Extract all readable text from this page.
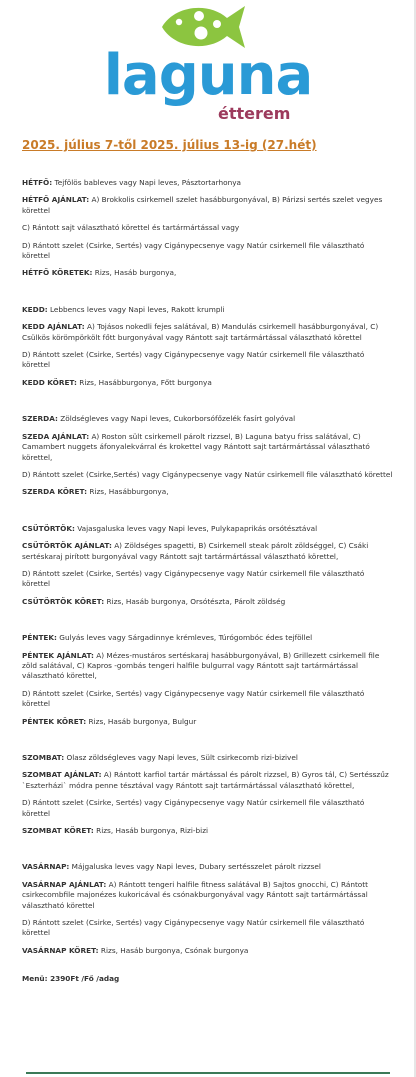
laguna
étterem
2025. július 7-től 2025. július 13-ig (27.hét)

HÉTFŐ: Tejfölös bableves vagy Napi leves, Pásztortarhonya

HÉTFŐ AJÁNLAT: A) Brokkolis csirkemell szelet hasábburgonyával, B) Párizsi sertés szelet vegyes körettel

C) Rántott sajt választható körettel és tartármártással vagy

D) Rántott szelet (Csirke, Sertés) vagy Cigánypecsenye vagy Natúr csirkemell file választható körettel

HÉTFŐ KÖRETEK: Rizs, Hasáb burgonya,

KEDD: Lebbencs leves vagy Napi leves, Rakott krumpli

KEDD AJÁNLAT: A) Tojásos nokedli fejes salátával, B) Mandulás csirkemell hasábburgonyával, C) Csülkös körömpörkölt főtt burgonyával vagy Rántott sajt tartármártással választható körettel

D) Rántott szelet (Csirke, Sertés) vagy Cigánypecsenye vagy Natúr csirkemell file választható körettel

KEDD KÖRET: Rizs, Hasábburgonya, Főtt burgonya

SZERDA: Zöldségleves vagy Napi leves, Cukorborsófőzelék fasírt golyóval

SZEDA AJÁNLAT: A) Roston sült csirkemell párolt rizzsel, B) Laguna batyu friss salátával, C) Camambert nuggets áfonyalekvárral és krokettel vagy Rántott sajt tartármártással választható körettel,

D) Rántott szelet (Csirke,Sertés) vagy Cigánypecsenye vagy Natúr csirkemell file választható körettel

SZERDA KÖRET: Rizs, Hasábburgonya,

CSÜTÖRTÖK: Vajasgaluska leves vagy Napi leves, Pulykapaprikás orsótésztával

CSÜTÖRTÖK AJÁNLAT: A) Zöldséges spagetti, B) Csirkemell steak párolt zöldséggel, C) Csáki sertéskaraj pirított burgonyával vagy Rántott sajt tartármártással választható körettel,

D) Rántott szelet (Csirke, Sertés) vagy Cigánypecsenye vagy Natúr csirkemell file választható körettel

CSÜTÖRTÖK KÖRET: Rizs, Hasáb burgonya, Orsótészta, Párolt zöldség

PÉNTEK: Gulyás leves vagy Sárgadinnye krémleves, Túrógombóc édes tejföllel

PÉNTEK AJÁNLAT: A) Mézes-mustáros sertéskaraj hasábburgonyával, B) Grillezett csirkemell file zöld salátával, C) Kapros -gombás tengeri halfile bulgurral vagy Rántott sajt tartármártással választható körettel,

D) Rántott szelet (Csirke, Sertés) vagy Cigánypecsenye vagy Natúr csirkemell file választható körettel

PÉNTEK KÖRET: Rizs, Hasáb burgonya, Bulgur

SZOMBAT: Olasz zöldségleves vagy Napi leves, Sült csirkecomb rizi-bizivel

SZOMBAT AJÁNLAT: A) Rántott karfiol tartár mártással és párolt rizzsel, B) Gyros tál, C) Sertésszűz `Eszterházi` módra penne tésztával vagy Rántott sajt tartármártással választható körettel,

D) Rántott szelet (Csirke, Sertés) vagy Cigánypecsenye vagy Natúr csirkemell file választható körettel

SZOMBAT KÖRET: Rizs, Hasáb burgonya, Rizi-bizi

VASÁRNAP: Májgaluska leves vagy Napi leves, Dubary sertésszelet párolt rizzsel

VASÁRNAP AJÁNLAT: A) Rántott tengeri halfile fitness salátával B) Sajtos gnocchi, C) Rántott csirkecombfile majonézes kukoricával és csónakburgonyával vagy Rántott sajt tartármártással választható körettel

D) Rántott szelet (Csirke, Sertés) vagy Cigánypecsenye vagy Natúr csirkemell file választható körettel

VASÁRNAP KÖRET: Rizs, Hasáb burgonya, Csónak burgonya

Menü: 2390Ft /Fő /adag
